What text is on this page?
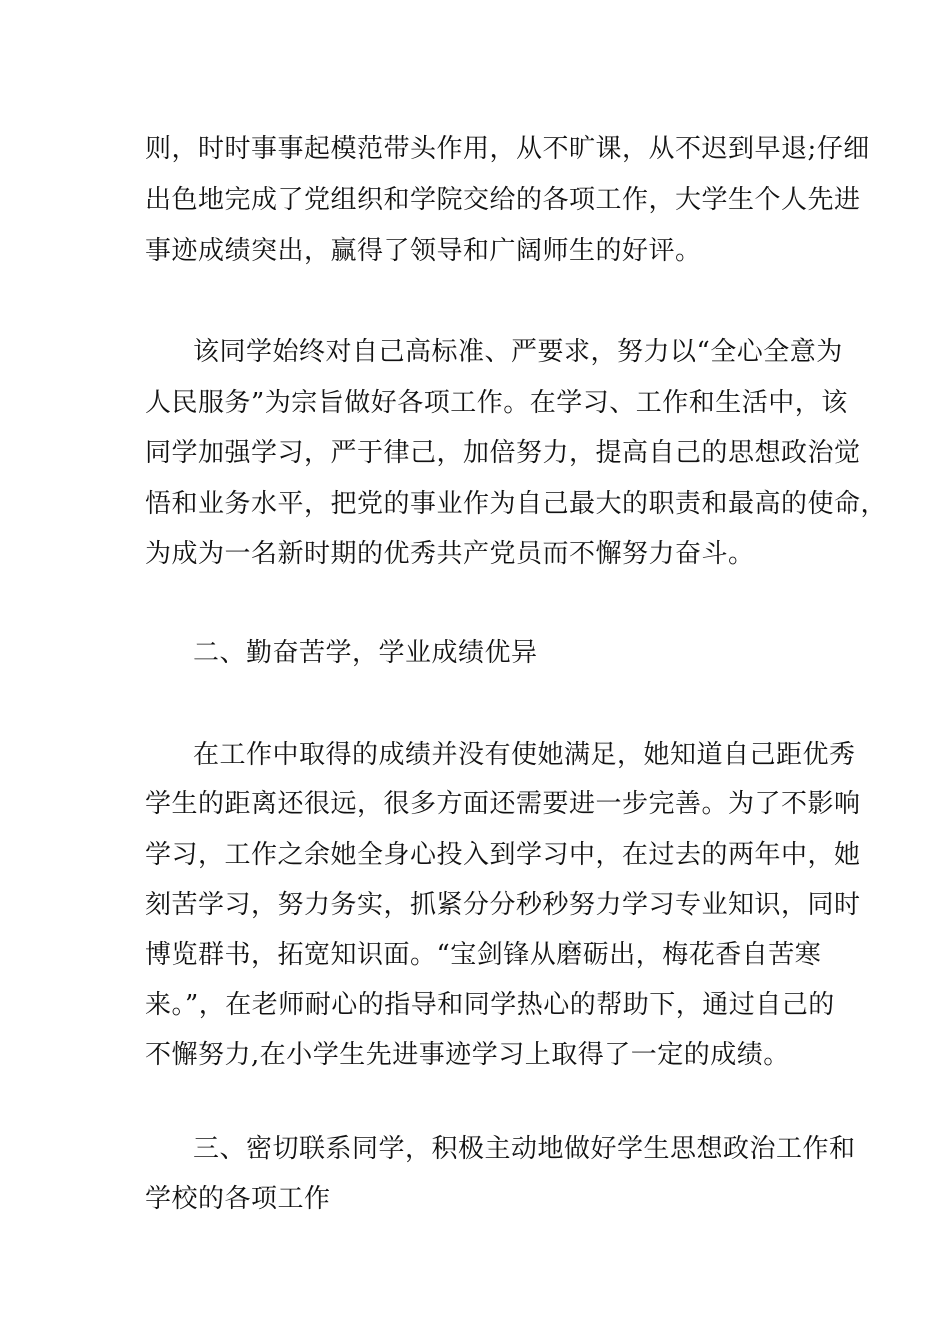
则，时时事事起模范带头作用，从不旷课，从不迟到早退;仔细
出色地完成了党组织和学院交给的各项工作，大学生个人先进
事迹成绩突出，赢得了领导和广阔师生的好评。
该同学始终对自己高标准、严要求，努力以“全心全意为
人民服务”为宗旨做好各项工作。在学习、工作和生活中，该
同学加强学习，严于律己，加倍努力，提高自己的思想政治觉
悟和业务水平，把党的事业作为自己最大的职责和最高的使命，
为成为一名新时期的优秀共产党员而不懈努力奋斗。
二、勤奋苦学，学业成绩优异
在工作中取得的成绩并没有使她满足，她知道自己距优秀
学生的距离还很远，很多方面还需要进一步完善。为了不影响
学习，工作之余她全身心投入到学习中，在过去的两年中，她
刻苦学习，努力务实，抓紧分分秒秒努力学习专业知识，同时
博览群书，拓宽知识面。“宝剑锋从磨砺出，梅花香自苦寒
来。”，在老师耐心的指导和同学热心的帮助下，通过自己的
不懈努力,在小学生先进事迹学习上取得了一定的成绩。
三、密切联系同学，积极主动地做好学生思想政治工作和
学校的各项工作
